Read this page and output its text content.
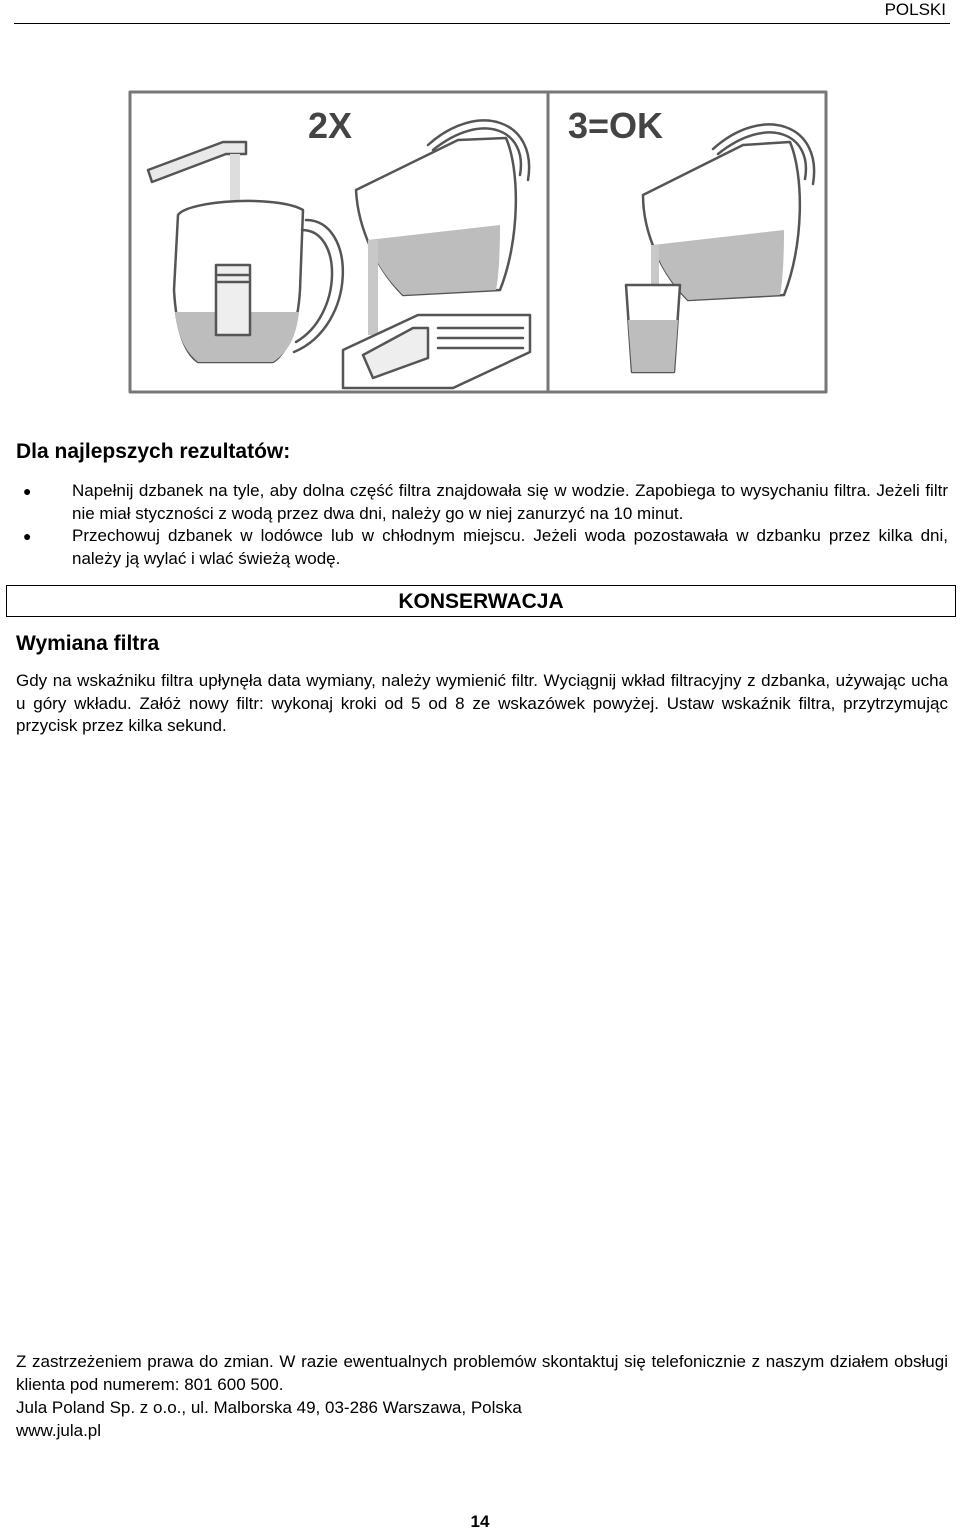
POLSKI
2X	3=OK
Dla najlepszych rezultatów:
● Napełnij dzbanek na tyle, aby dolna część filtra znajdowała się w wodzie. Zapobiega to wysychaniu filtra. Jeżeli filtr nie miał styczności z wodą przez dwa dni, należy go w niej zanurzyć na 10 minut.
● Przechowuj dzbanek w lodówce lub w chłodnym miejscu. Jeżeli woda pozostawała w dzbanku przez kilka dni, należy ją wylać i wlać świeżą wodę.
KONSERWACJA
Wymiana filtra

Gdy na wskaźniku filtra upłynęła data wymiany, należy wymienić filtr. Wyciągnij wkład filtracyjny z dzbanka, używając ucha u góry wkładu. Załóż nowy filtr: wykonaj kroki od 5 od 8 ze wskazówek powyżej. Ustaw wskaźnik filtra, przytrzymując przycisk przez kilka sekund.

Z zastrzeżeniem prawa do zmian. W razie ewentualnych problemów skontaktuj się telefonicznie z naszym działem obsługi klienta pod numerem: 801 600 500.

Jula Poland Sp. z o.o., ul. Malborska 49, 03-286 Warszawa, Polska
www.jula.pl
14
